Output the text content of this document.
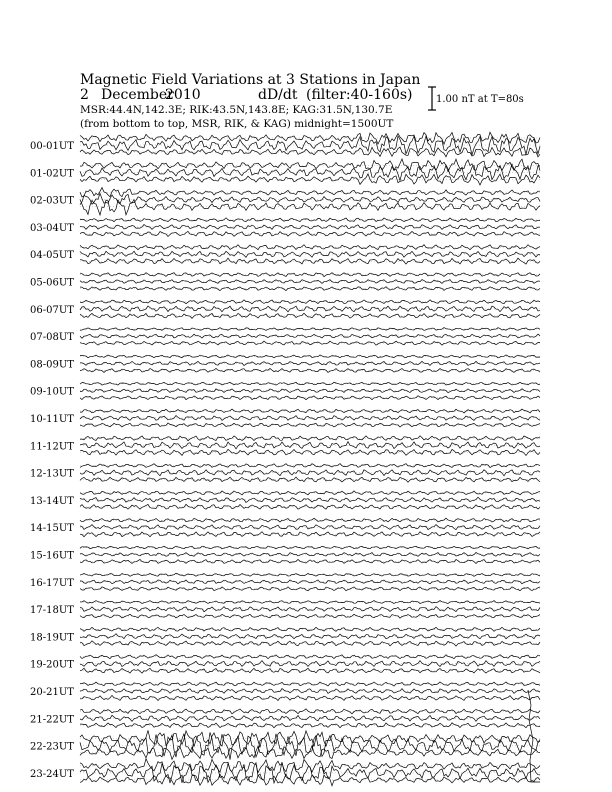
Magnetic Field Variations at 3 Stations in Japan
2 December
2010	dD/dt (filter:40-160s)
MSR:44.4N,142.3E; RIK:43.5N,143.8E; KAG:31.5N,130.7E
(from bottom to top, MSR, RIK, & KAG) midnight=1500UT
1.00 nT at T=80s
00-01UT
01-02UT
02-03UT
03-04UT
04-05UT
05-06UT
06-07UT
07-08UT
08-09UT
09-10UT
10-11UT
11-12UT
12-13UT
13-14UT
14-15UT
15-16UT
16-17UT
17-18UT
18-19UT
19-20UT
20-21UT
21-22UT
22-23UT
23-24UT
